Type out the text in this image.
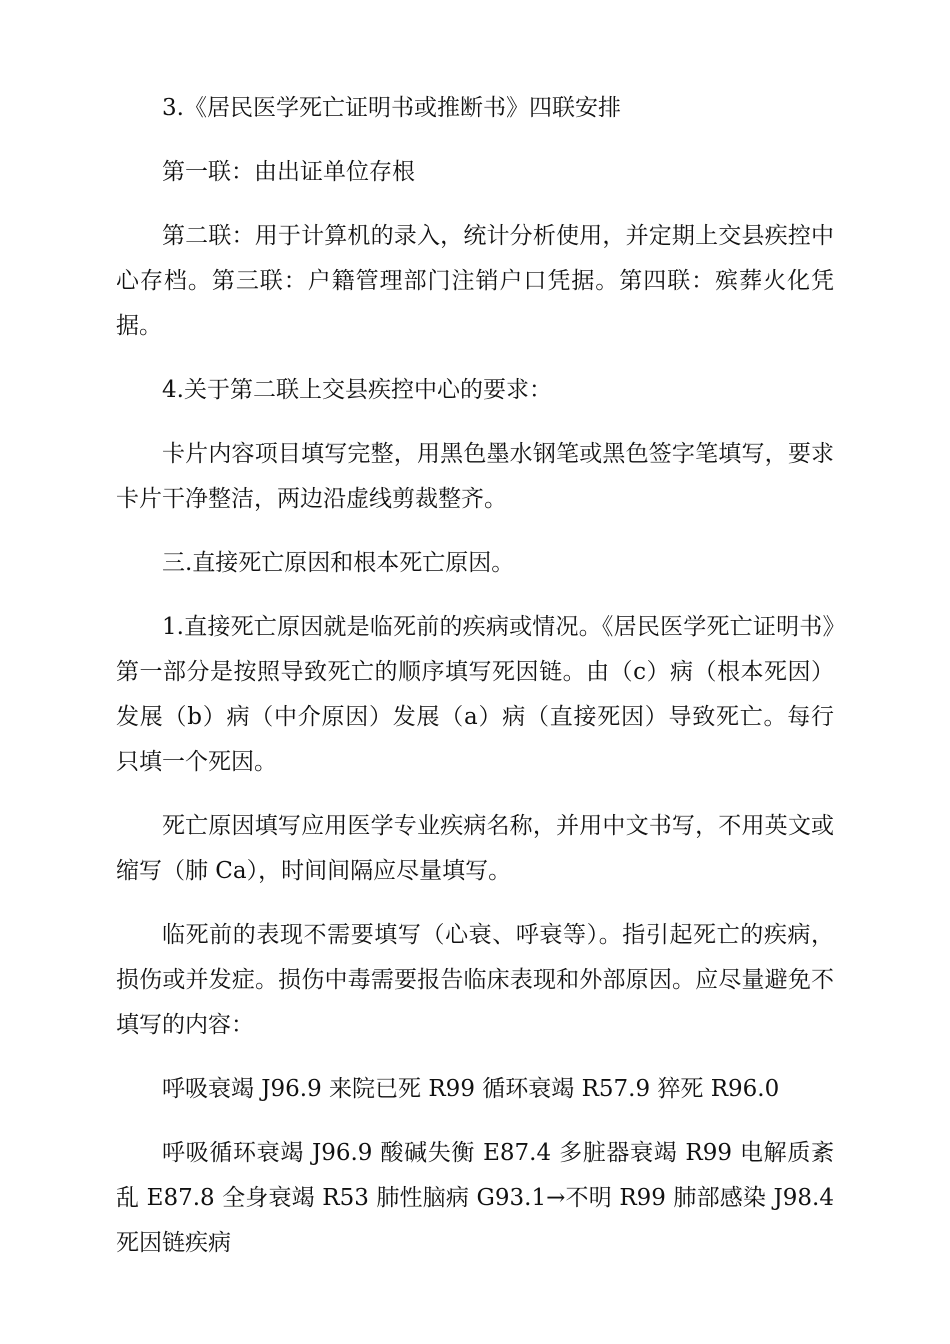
3.《居民医学死亡证明书或推断书》四联安排

第一联：由出证单位存根

第二联：用于计算机的录入，统计分析使用，并定期上交县疾控中心存档。第三联：户籍管理部门注销户口凭据。第四联：殡葬火化凭据。

4.关于第二联上交县疾控中心的要求：

卡片内容项目填写完整，用黑色墨水钢笔或黑色签字笔填写，要求卡片干净整洁，两边沿虚线剪裁整齐。

三.直接死亡原因和根本死亡原因。

1.直接死亡原因就是临死前的疾病或情况。《居民医学死亡证明书》第一部分是按照导致死亡的顺序填写死因链。由（c）病（根本死因）发展（b）病（中介原因）发展（a）病（直接死因）导致死亡。每行只填一个死因。

死亡原因填写应用医学专业疾病名称，并用中文书写，不用英文或缩写（肺 Ca），时间间隔应尽量填写。

临死前的表现不需要填写（心衰、呼衰等）。指引起死亡的疾病，损伤或并发症。损伤中毒需要报告临床表现和外部原因。应尽量避免不填写的内容：

呼吸衰竭 J96.9 来院已死 R99 循环衰竭 R57.9 猝死 R96.0

呼吸循环衰竭 J96.9 酸碱失衡 E87.4 多脏器衰竭 R99 电解质紊乱 E87.8 全身衰竭 R53 肺性脑病 G93.1→不明 R99 肺部感染 J98.4 死因链疾病
